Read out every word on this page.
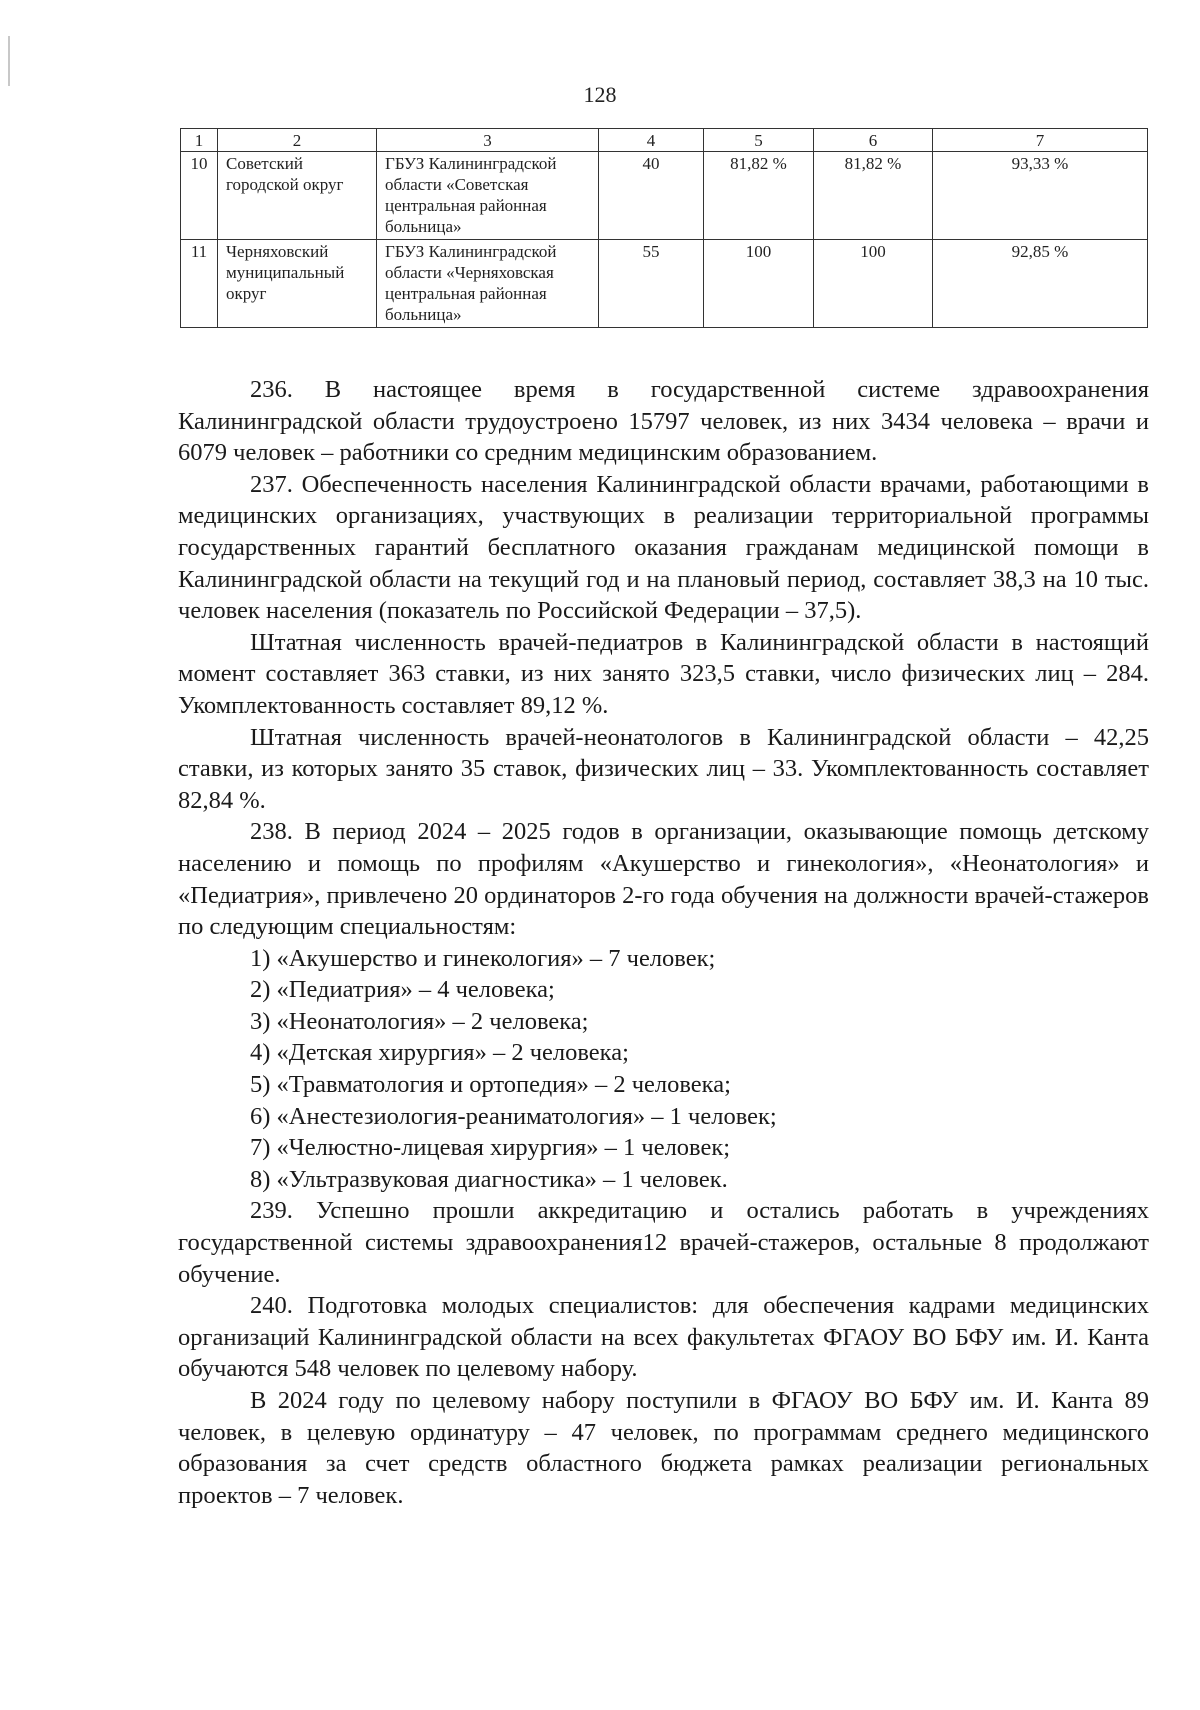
128
1	2	3	4	5	6	7
10	Советский городской округ	ГБУЗ Калининградской области «Советская центральная районная больница»	40	81,82 %	81,82 %	93,33 %
11	Черняховский муниципальный округ	ГБУЗ Калининградской области «Черняховская центральная районная больница»	55	100	100	92,85 %

236. В настоящее время в государственной системе здравоохранения Калининградской области трудоустроено 15797 человек, из них 3434 человека – врачи и 6079 человек – работники со средним медицинским образованием.

237. Обеспеченность населения Калининградской области врачами, работающими в медицинских организациях, участвующих в реализации территориальной программы государственных гарантий бесплатного оказания гражданам медицинской помощи в Калининградской области на текущий год и на плановый период, составляет 38,3 на 10 тыс. человек населения (показатель по Российской Федерации – 37,5).

Штатная численность врачей-педиатров в Калининградской области в настоящий момент составляет 363 ставки, из них занято 323,5 ставки, число физических лиц – 284. Укомплектованность составляет 89,12 %.

Штатная численность врачей-неонатологов в Калининградской области – 42,25 ставки, из которых занято 35 ставок, физических лиц – 33. Укомплектованность составляет 82,84 %.

238. В период 2024 – 2025 годов в организации, оказывающие помощь детскому населению и помощь по профилям «Акушерство и гинекология», «Неонатология» и «Педиатрия», привлечено 20 ординаторов 2-го года обучения на должности врачей-стажеров по следующим специальностям:

1) «Акушерство и гинекология» – 7 человек;

2) «Педиатрия» – 4 человека;

3) «Неонатология» – 2 человека;

4) «Детская хирургия» – 2 человека;

5) «Травматология и ортопедия» – 2 человека;

6) «Анестезиология-реаниматология» – 1 человек;

7) «Челюстно-лицевая хирургия» – 1 человек;

8) «Ультразвуковая диагностика» – 1 человек.

239. Успешно прошли аккредитацию и остались работать в учреждениях государственной системы здравоохранения12 врачей-стажеров, остальные 8 продолжают обучение.

240. Подготовка молодых специалистов: для обеспечения кадрами медицинских организаций Калининградской области на всех факультетах ФГАОУ ВО БФУ им. И. Канта обучаются 548 человек по целевому набору.

В 2024 году по целевому набору поступили в ФГАОУ ВО БФУ им. И. Канта 89 человек, в целевую ординатуру – 47 человек, по программам среднего медицинского образования за счет средств областного бюджета рамках реализации региональных проектов – 7 человек.
